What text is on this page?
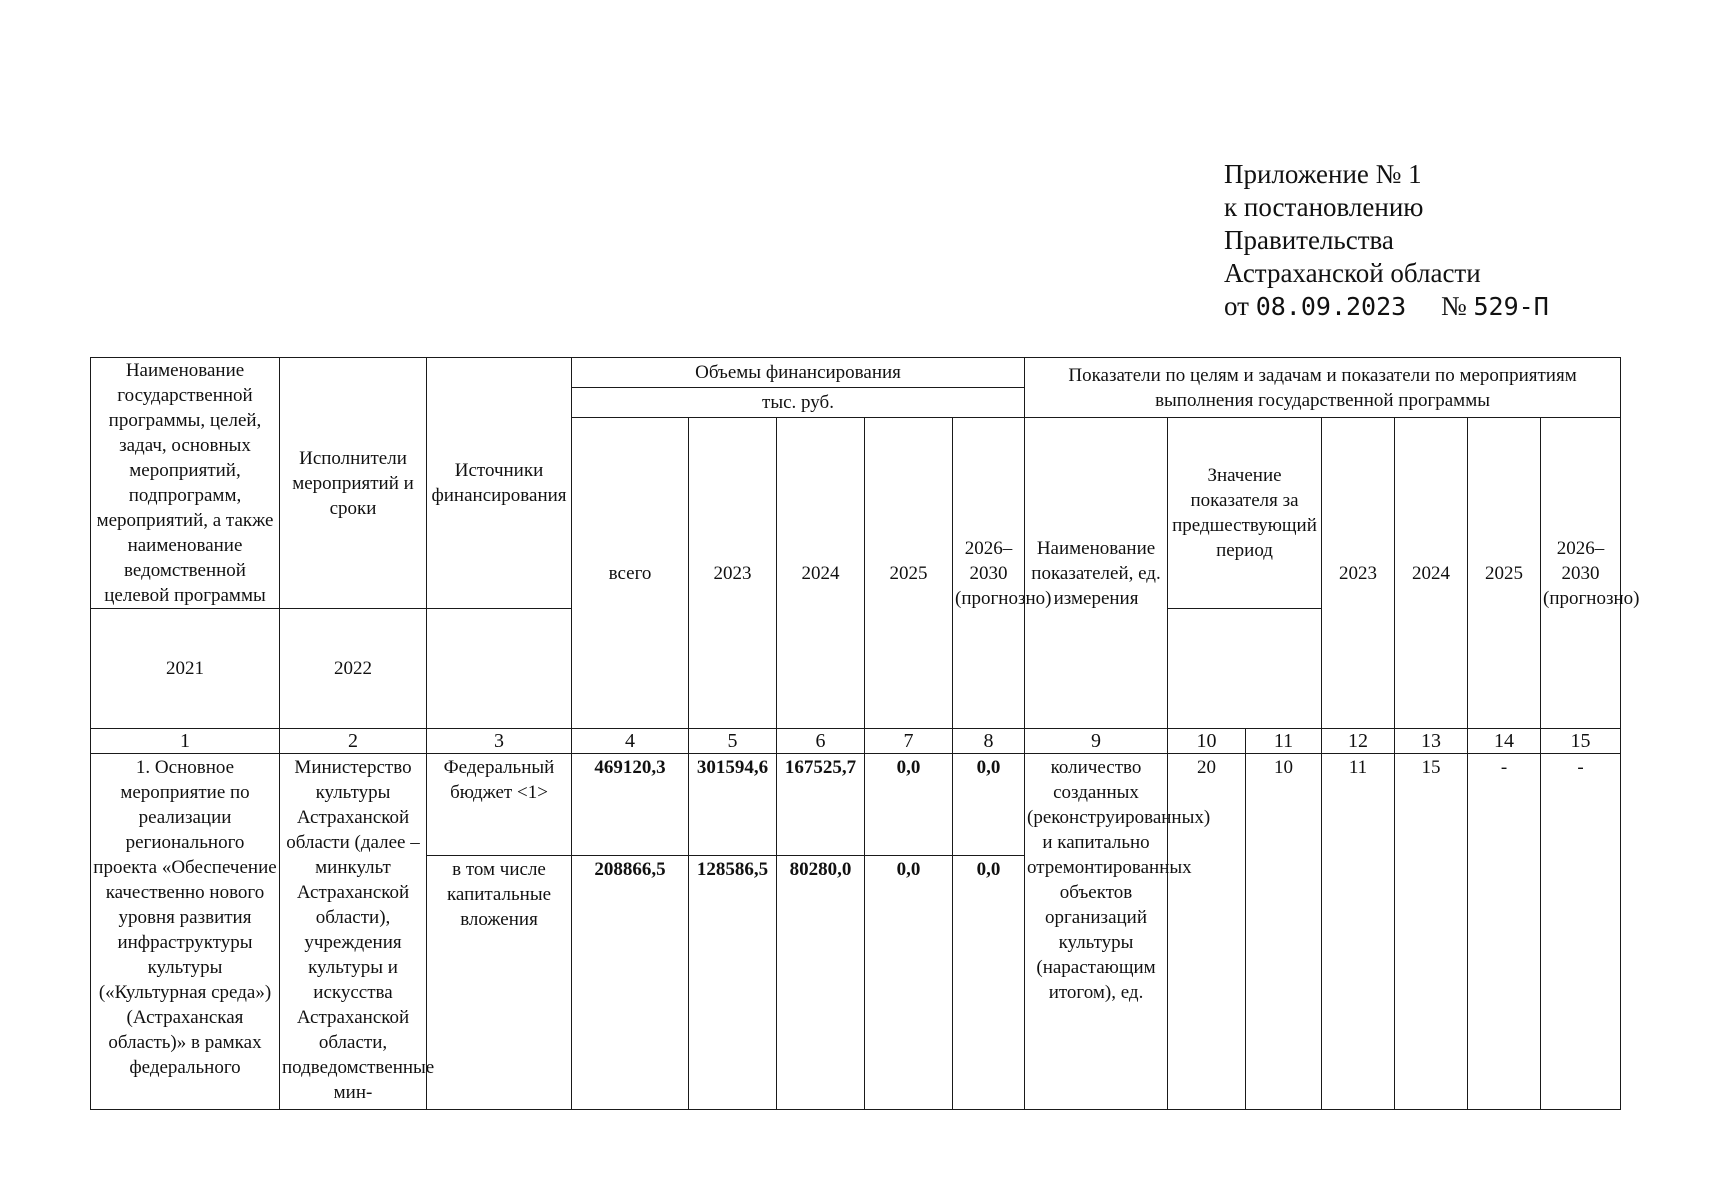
Приложение № 1
к постановлению
Правительства
Астраханской области
от 08.09.2023 № 529-П
Наименование государственной программы, целей, задач, основных мероприятий, подпрограмм, мероприятий, а также наименование ведомственной целевой программы	Исполнители мероприятий и сроки	Источники финансирования	Объемы финансирования					Показатели по целям и задачам и показатели по мероприятиям выполнения государственной программы						
			тыс. руб.											
			всего	2023	2024	2025	2026–2030 (прогнозно)	Наименование показателей, ед. измерения	Значение показателя за предшествующий период		2023	2024	2025	2026–2030 (прогнозно)
2021	2022													
1	2	3	4	5	6	7	8	9	10	11	12	13	14	15
1. Основное мероприятие по реализации регионального проекта «Обеспечение качественно нового уровня развития инфраструктуры культуры («Культурная среда») (Астраханская область)» в рамках федерального	Министерство культуры Астраханской области (далее – минкульт Астраханской области), учреждения культуры и искусства Астраханской области, подведомственные мин-	Федеральный бюджет <1>	469120,3	301594,6	167525,7	0,0	0,0	количество созданных (реконструированных) и капитально отремонтированных объектов организаций культуры (нарастающим итогом), ед.	20	10	11	15	-	-
		в том числе капитальные вложения	208866,5	128586,5	80280,0	0,0	0,0							
